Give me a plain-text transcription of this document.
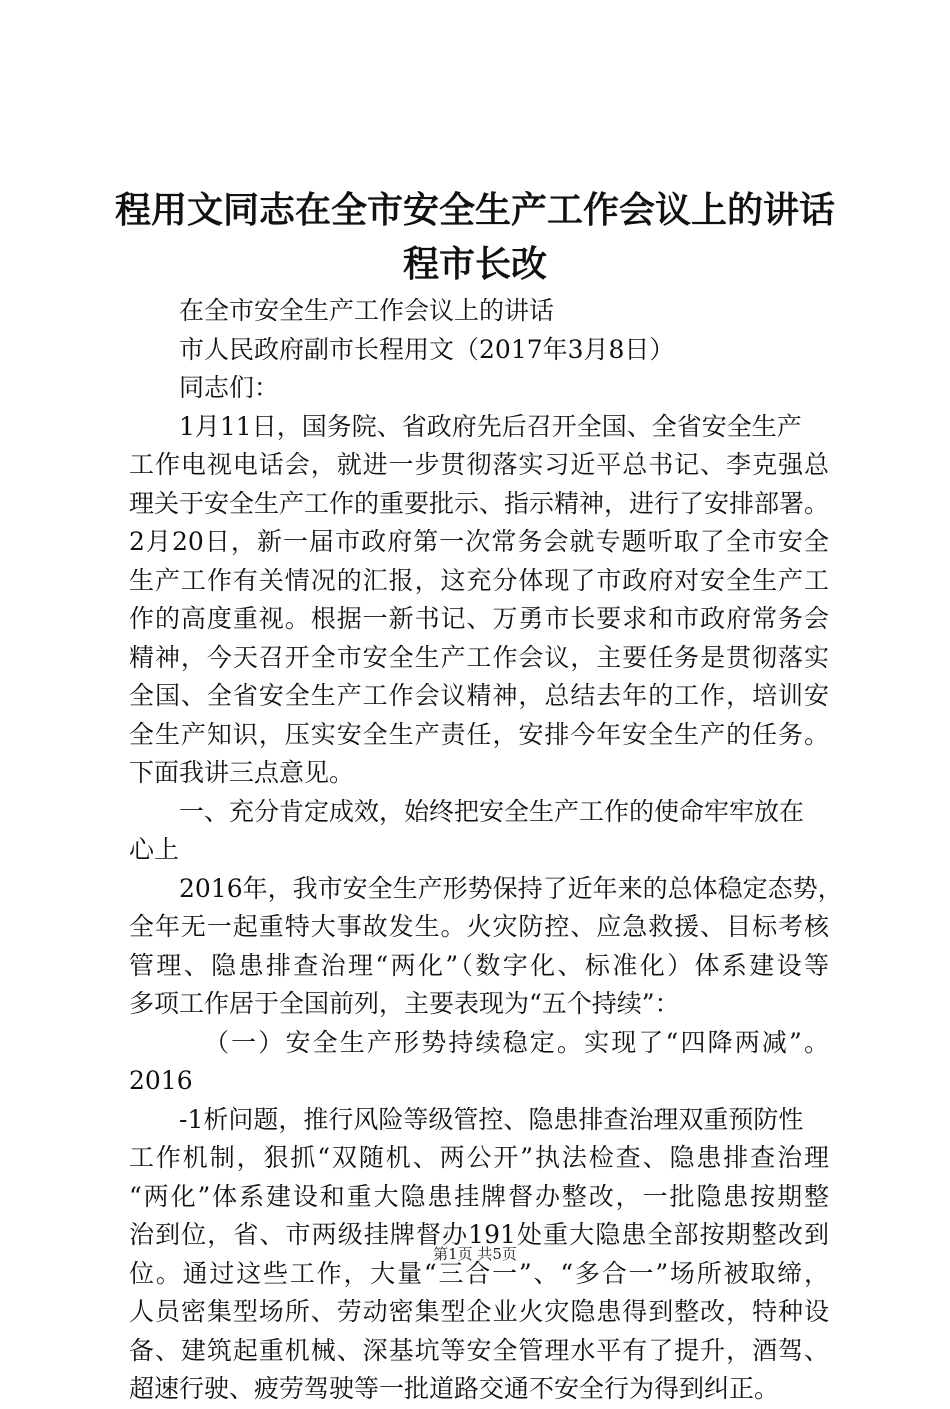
程用文同志在全市安全生产工作会议上的讲话
程市长改

在全市安全生产工作会议上的讲话

市人民政府副市长程用文（2017年3月8日）

同志们：

1月11日，国务院、省政府先后召开全国、全省安全生产

工作电视电话会，就进一步贯彻落实习近平总书记、李克强总

理关于安全生产工作的重要批示、指示精神，进行了安排部署。

2月20日，新一届市政府第一次常务会就专题听取了全市安全

生产工作有关情况的汇报，这充分体现了市政府对安全生产工

作的高度重视。根据一新书记、万勇市长要求和市政府常务会

精神，今天召开全市安全生产工作会议，主要任务是贯彻落实

全国、全省安全生产工作会议精神，总结去年的工作，培训安

全生产知识，压实安全生产责任，安排今年安全生产的任务。

下面我讲三点意见。

一、充分肯定成效，始终把安全生产工作的使命牢牢放在

心上

2016年，我市安全生产形势保持了近年来的总体稳定态势，

全年无一起重特大事故发生。火灾防控、应急救援、目标考核

管理、隐患排查治理“两化”（数字化、标准化）体系建设等

多项工作居于全国前列，主要表现为“五个持续”：

（一）安全生产形势持续稳定。实现了“四降两减”。

2016

-1析问题，推行风险等级管控、隐患排查治理双重预防性

工作机制，狠抓“双随机、两公开”执法检查、隐患排查治理

“两化”体系建设和重大隐患挂牌督办整改，一批隐患按期整

治到位，省、市两级挂牌督办191处重大隐患全部按期整改到

位。通过这些工作，大量“三合一”、“多合一”场所被取缔，

人员密集型场所、劳动密集型企业火灾隐患得到整改，特种设

备、建筑起重机械、深基坑等安全管理水平有了提升，酒驾、

超速行驶、疲劳驾驶等一批道路交通不安全行为得到纠正。

第1页 共5页
